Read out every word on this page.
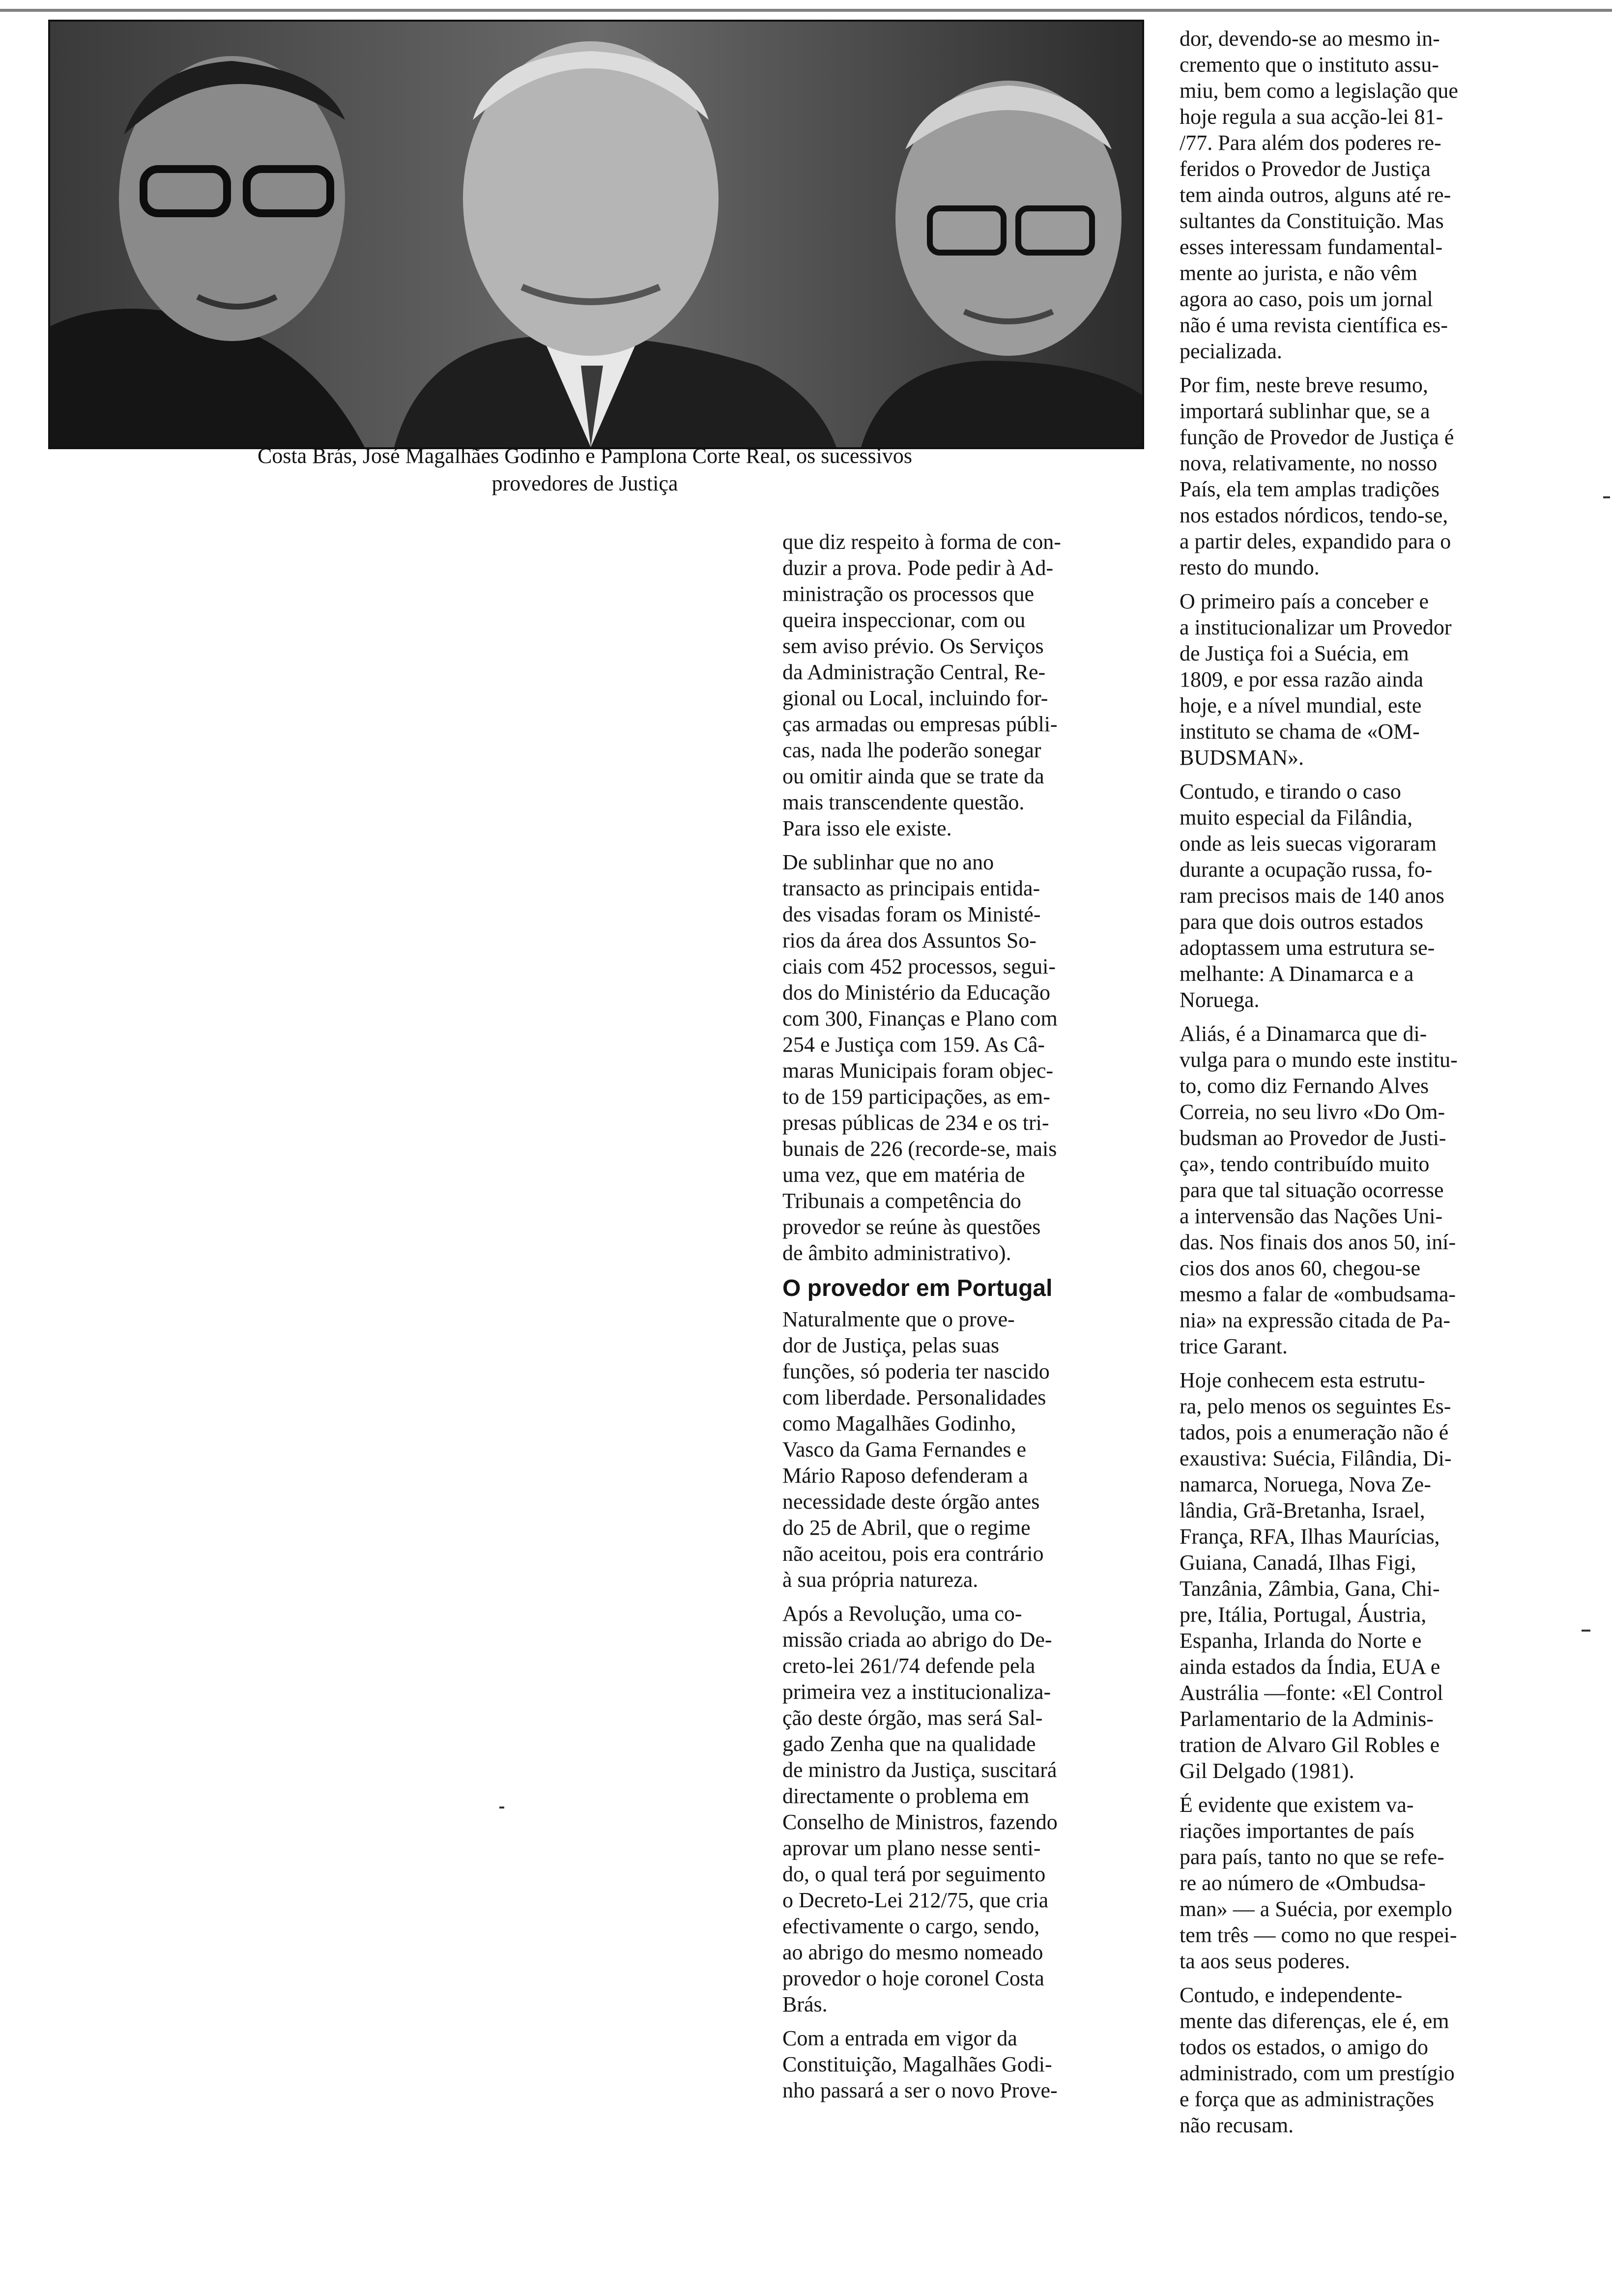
Costa Brás, José Magalhães Godinho e Pamplona Corte Real, os sucessivos
provedores de Justiça

que diz respeito à forma de con-
duzir a prova. Pode pedir à Ad-
ministração os processos que
queira inspeccionar, com ou
sem aviso prévio. Os Serviços
da Administração Central, Re-
gional ou Local, incluindo for-
ças armadas ou empresas públi-
cas, nada lhe poderão sonegar
ou omitir ainda que se trate da
mais transcendente questão.
Para isso ele existe.

De sublinhar que no ano
transacto as principais entida-
des visadas foram os Ministé-
rios da área dos Assuntos So-
ciais com 452 processos, segui-
dos do Ministério da Educação
com 300, Finanças e Plano com
254 e Justiça com 159. As Câ-
maras Municipais foram objec-
to de 159 participações, as em-
presas públicas de 234 e os tri-
bunais de 226 (recorde-se, mais
uma vez, que em matéria de
Tribunais a competência do
provedor se reúne às questões
de âmbito administrativo).

O provedor em Portugal

Naturalmente que o prove-
dor de Justiça, pelas suas
funções, só poderia ter nascido
com liberdade. Personalidades
como Magalhães Godinho,
Vasco da Gama Fernandes e
Mário Raposo defenderam a
necessidade deste órgão antes
do 25 de Abril, que o regime
não aceitou, pois era contrário
à sua própria natureza.

Após a Revolução, uma co-
missão criada ao abrigo do De-
creto-lei 261/74 defende pela
primeira vez a institucionaliza-
ção deste órgão, mas será Sal-
gado Zenha que na qualidade
de ministro da Justiça, suscitará
directamente o problema em
Conselho de Ministros, fazendo
aprovar um plano nesse senti-
do, o qual terá por seguimento
o Decreto-Lei 212/75, que cria
efectivamente o cargo, sendo,
ao abrigo do mesmo nomeado
provedor o hoje coronel Costa
Brás.

Com a entrada em vigor da
Constituição, Magalhães Godi-
nho passará a ser o novo Prove-

dor, devendo-se ao mesmo in-
cremento que o instituto assu-
miu, bem como a legislação que
hoje regula a sua acção-lei 81-
/77. Para além dos poderes re-
feridos o Provedor de Justiça
tem ainda outros, alguns até re-
sultantes da Constituição. Mas
esses interessam fundamental-
mente ao jurista, e não vêm
agora ao caso, pois um jornal
não é uma revista científica es-
pecializada.

Por fim, neste breve resumo,
importará sublinhar que, se a
função de Provedor de Justiça é
nova, relativamente, no nosso
País, ela tem amplas tradições
nos estados nórdicos, tendo-se,
a partir deles, expandido para o
resto do mundo.

O primeiro país a conceber e
a institucionalizar um Provedor
de Justiça foi a Suécia, em
1809, e por essa razão ainda
hoje, e a nível mundial, este
instituto se chama de «OM-
BUDSMAN».

Contudo, e tirando o caso
muito especial da Filândia,
onde as leis suecas vigoraram
durante a ocupação russa, fo-
ram precisos mais de 140 anos
para que dois outros estados
adoptassem uma estrutura se-
melhante: A Dinamarca e a
Noruega.

Aliás, é a Dinamarca que di-
vulga para o mundo este institu-
to, como diz Fernando Alves
Correia, no seu livro «Do Om-
budsman ao Provedor de Justi-
ça», tendo contribuído muito
para que tal situação ocorresse
a intervensão das Nações Uni-
das. Nos finais dos anos 50, iní-
cios dos anos 60, chegou-se
mesmo a falar de «ombudsama-
nia» na expressão citada de Pa-
trice Garant.

Hoje conhecem esta estrutu-
ra, pelo menos os seguintes Es-
tados, pois a enumeração não é
exaustiva: Suécia, Filândia, Di-
namarca, Noruega, Nova Ze-
lândia, Grã-Bretanha, Israel,
França, RFA, Ilhas Maurícias,
Guiana, Canadá, Ilhas Figi,
Tanzânia, Zâmbia, Gana, Chi-
pre, Itália, Portugal, Áustria,
Espanha, Irlanda do Norte e
ainda estados da Índia, EUA e
Austrália —fonte: «El Control
Parlamentario de la Adminis-
tration de Alvaro Gil Robles e
Gil Delgado (1981).

É evidente que existem va-
riações importantes de país
para país, tanto no que se refe-
re ao número de «Ombudsa-
man» — a Suécia, por exemplo
tem três — como no que respei-
ta aos seus poderes.

Contudo, e independente-
mente das diferenças, ele é, em
todos os estados, o amigo do
administrado, com um prestígio
e força que as administrações
não recusam.
